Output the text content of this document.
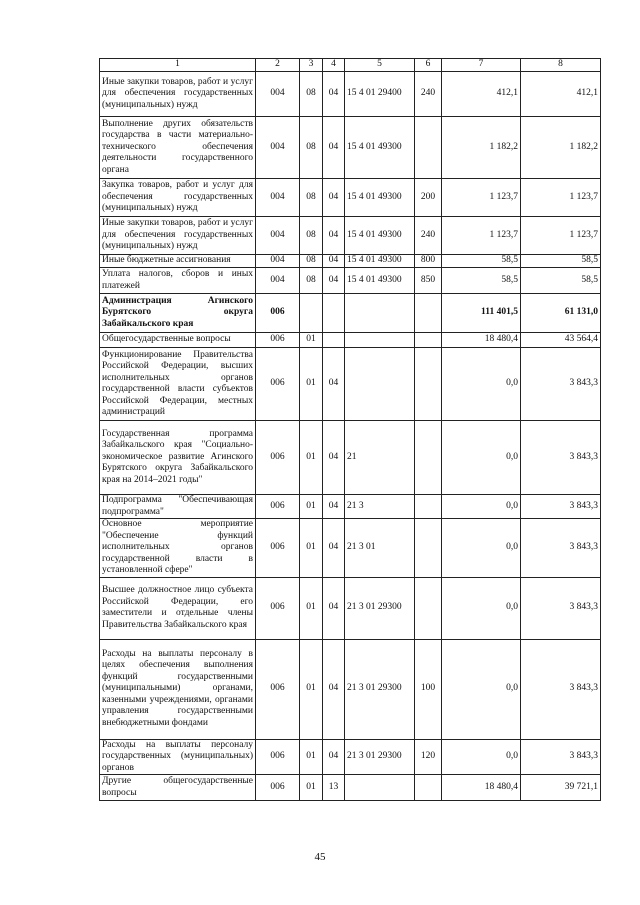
1	2	3	4	5	6	7	8
Иные закупки товаров, работ и услуг для обеспечения государственных (муниципальных) нужд	004	08	04	15 4 01 29400	240	412,1	412,1
Выполнение других обязательств государства в части материально-технического обеспечения деятельности государственного органа	004	08	04	15 4 01 49300		1 182,2	1 182,2
Закупка товаров, работ и услуг для обеспечения государственных (муниципальных) нужд	004	08	04	15 4 01 49300	200	1 123,7	1 123,7
Иные закупки товаров, работ и услуг для обеспечения государственных (муниципальных) нужд	004	08	04	15 4 01 49300	240	1 123,7	1 123,7
Иные бюджетные ассигнования	004	08	04	15 4 01 49300	800	58,5	58,5
Уплата налогов, сборов и иных платежей	004	08	04	15 4 01 49300	850	58,5	58,5
Администрация Агинского Бурятского округа Забайкальского края	006					111 401,5	61 131,0
Общегосударственные вопросы	006	01				18 480,4	43 564,4
Функционирование Правительства Российской Федерации, высших исполнительных органов государственной власти субъектов Российской Федерации, местных администраций	006	01	04			0,0	3 843,3
Государственная программа Забайкальского края "Социально-экономическое развитие Агинского Бурятского округа Забайкальского края на 2014–2021 годы"	006	01	04	21		0,0	3 843,3
Подпрограмма "Обеспечивающая подпрограмма"	006	01	04	21 3		0,0	3 843,3
Основное мероприятие "Обеспечение функций исполнительных органов государственной власти в установленной сфере"	006	01	04	21 3 01		0,0	3 843,3
Высшее должностное лицо субъекта Российской Федерации, его заместители и отдельные члены Правительства Забайкальского края	006	01	04	21 3 01 29300		0,0	3 843,3
Расходы на выплаты персоналу в целях обеспечения выполнения функций государственными (муниципальными) органами, казенными учреждениями, органами управления государственными внебюджетными фондами	006	01	04	21 3 01 29300	100	0,0	3 843,3
Расходы на выплаты персоналу государственных (муниципальных) органов	006	01	04	21 3 01 29300	120	0,0	3 843,3
Другие общегосударственные вопросы	006	01	13			18 480,4	39 721,1
45
